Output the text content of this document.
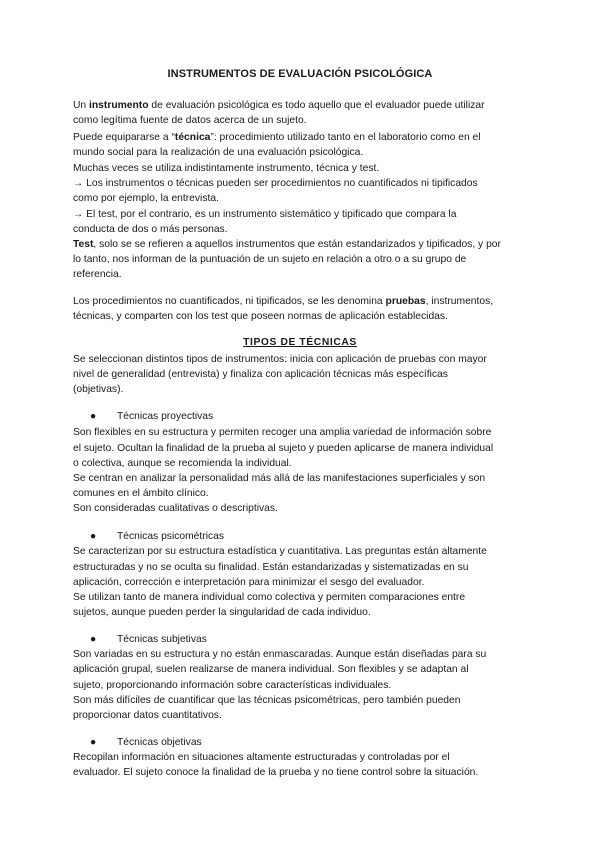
INSTRUMENTOS DE EVALUACIÓN PSICOLÓGICA
Un instrumento de evaluación psicológica es todo aquello que el evaluador puede utilizar
como legítima fuente de datos acerca de un sujeto.
Puede equipararse a “técnica”: procedimiento utilizado tanto en el laboratorio como en el
mundo social para la realización de una evaluación psicológica.
Muchas veces se utiliza indistintamente instrumento, técnica y test.
→ Los instrumentos o técnicas pueden ser procedimientos no cuantificados ni tipificados
como por ejemplo, la entrevista.
→ El test, por el contrario, es un instrumento sistemático y tipificado que compara la
conducta de dos o más personas.
Test, solo se se refieren a aquellos instrumentos que están estandarizados y tipificados, y por
lo tanto, nos informan de la puntuación de un sujeto en relación a otro o a su grupo de
referencia.
Los procedimientos no cuantificados, ni tipificados, se les denomina pruebas, instrumentos,
técnicas, y comparten con los test que poseen normas de aplicación establecidas.
TIPOS DE TÉCNICAS
Se seleccionan distintos tipos de instrumentos: inicia con aplicación de pruebas con mayor
nivel de generalidad (entrevista) y finaliza con aplicación técnicas más específicas
(objetivas).
● Técnicas proyectivas
Son flexibles en su estructura y permiten recoger una amplia variedad de información sobre
el sujeto. Ocultan la finalidad de la prueba al sujeto y pueden aplicarse de manera individual
o colectiva, aunque se recomienda la individual.
Se centran en analizar la personalidad más allá de las manifestaciones superficiales y son
comunes en el ámbito clínico.
Son consideradas cualitativas o descriptivas.
● Técnicas psicométricas
Se caracterizan por su estructura estadística y cuantitativa. Las preguntas están altamente
estructuradas y no se oculta su finalidad. Están estandarizadas y sistematizadas en su
aplicación, corrección e interpretación para minimizar el sesgo del evaluador.
Se utilizan tanto de manera individual como colectiva y permiten comparaciones entre
sujetos, aunque pueden perder la singularidad de cada individuo.
● Técnicas subjetivas
Son variadas en su estructura y no están enmascaradas. Aunque están diseñadas para su
aplicación grupal, suelen realizarse de manera individual. Son flexibles y se adaptan al
sujeto, proporcionando información sobre características individuales.
Son más difíciles de cuantificar que las técnicas psicométricas, pero también pueden
proporcionar datos cuantitativos.
● Técnicas objetivas
Recopilan información en situaciones altamente estructuradas y controladas por el
evaluador. El sujeto conoce la finalidad de la prueba y no tiene control sobre la situación.
